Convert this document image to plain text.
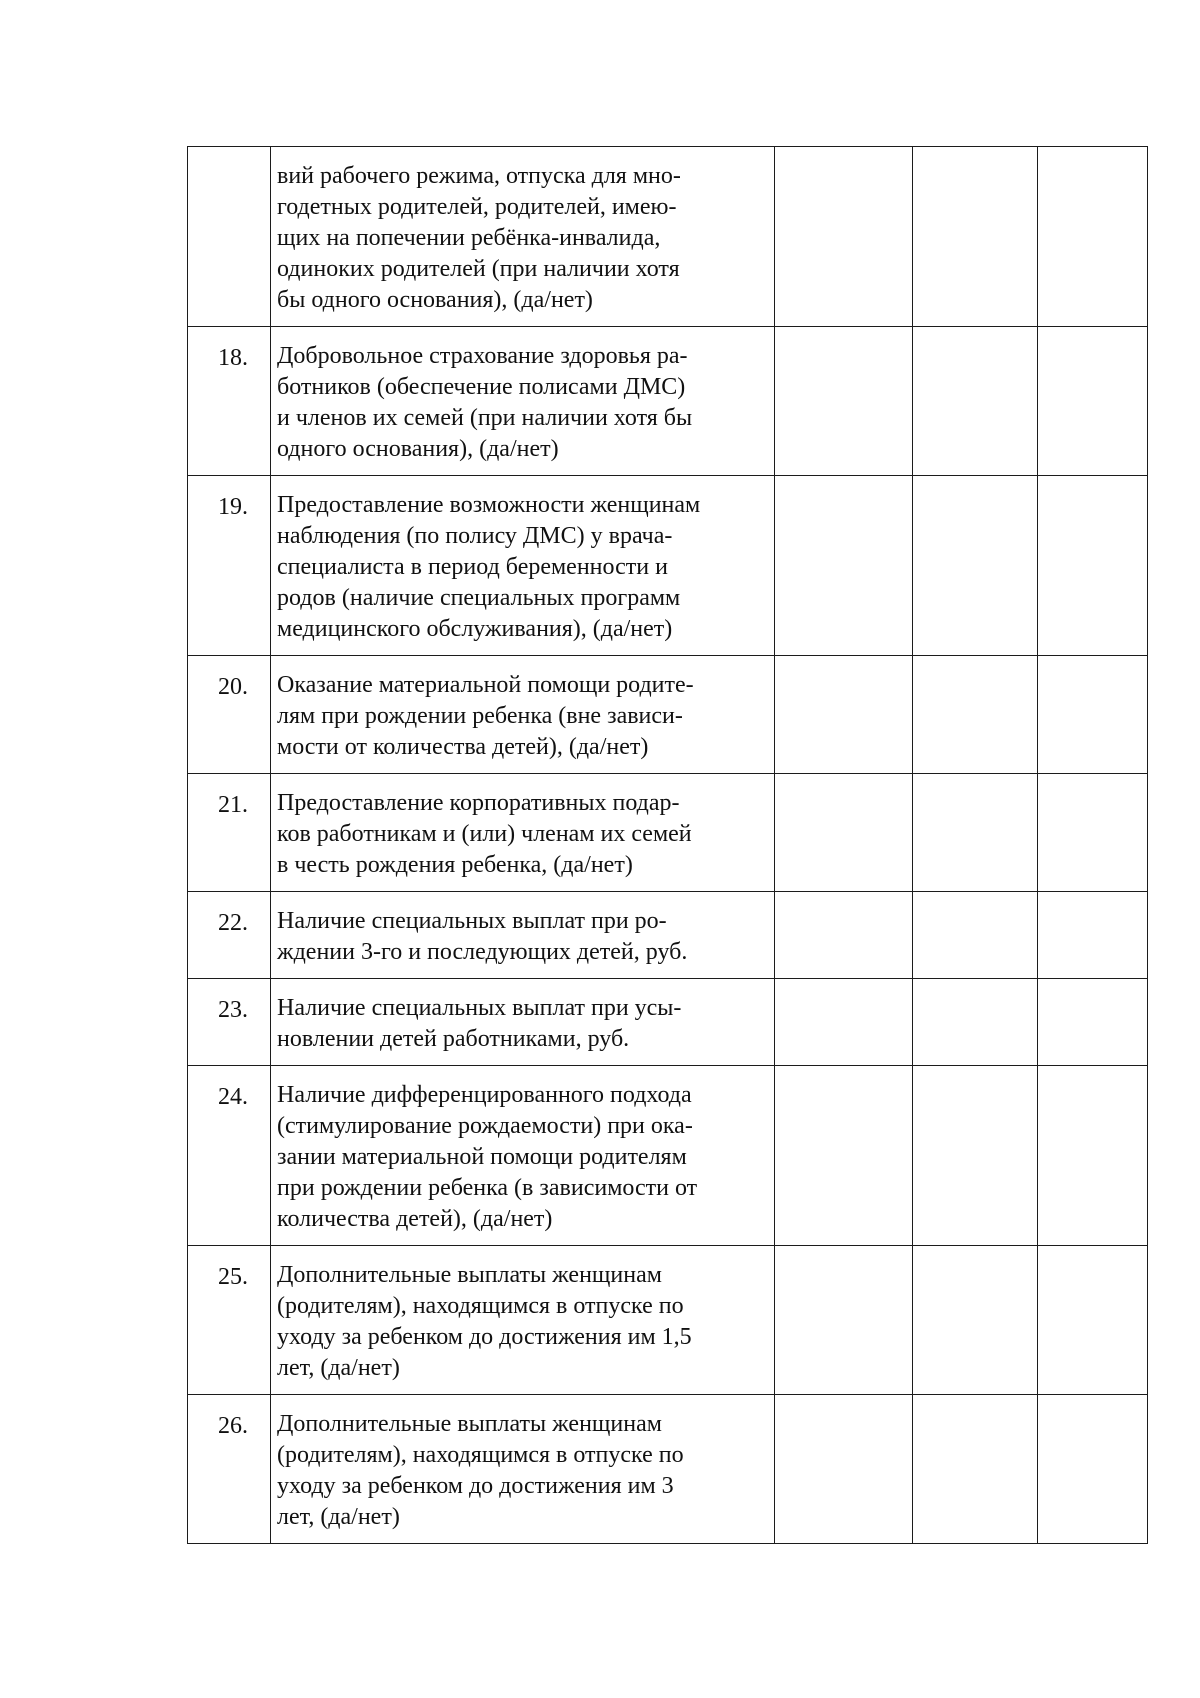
	вий рабочего режима, отпуска для мно-
годетных родителей, родителей, имею-
щих на попечении ребёнка-инвалида,
одиноких родителей (при наличии хотя
бы одного основания), (да/нет)			

18.	Добровольное страхование здоровья ра-
ботников (обеспечение полисами ДМС)
и членов их семей (при наличии хотя бы
одного основания), (да/нет)			

19.	Предоставление возможности женщинам
наблюдения (по полису ДМС) у врача-
специалиста в период беременности и
родов (наличие специальных программ
медицинского обслуживания), (да/нет)			

20.	Оказание материальной помощи родите-
лям при рождении ребенка (вне зависи-
мости от количества детей), (да/нет)			

21.	Предоставление корпоративных подар-
ков работникам и (или) членам их семей
в честь рождения ребенка, (да/нет)			

22.	Наличие специальных выплат при ро-
ждении 3-го и последующих детей, руб.			

23.	Наличие специальных выплат при усы-
новлении детей работниками, руб.			

24.	Наличие дифференцированного подхода
(стимулирование рождаемости) при ока-
зании материальной помощи родителям
при рождении ребенка (в зависимости от
количества детей), (да/нет)			

25.	Дополнительные выплаты женщинам
(родителям), находящимся в отпуске по
уходу за ребенком до достижения им 1,5
лет, (да/нет)			

26.	Дополнительные выплаты женщинам
(родителям), находящимся в отпуске по
уходу за ребенком до достижения им 3
лет, (да/нет)			
